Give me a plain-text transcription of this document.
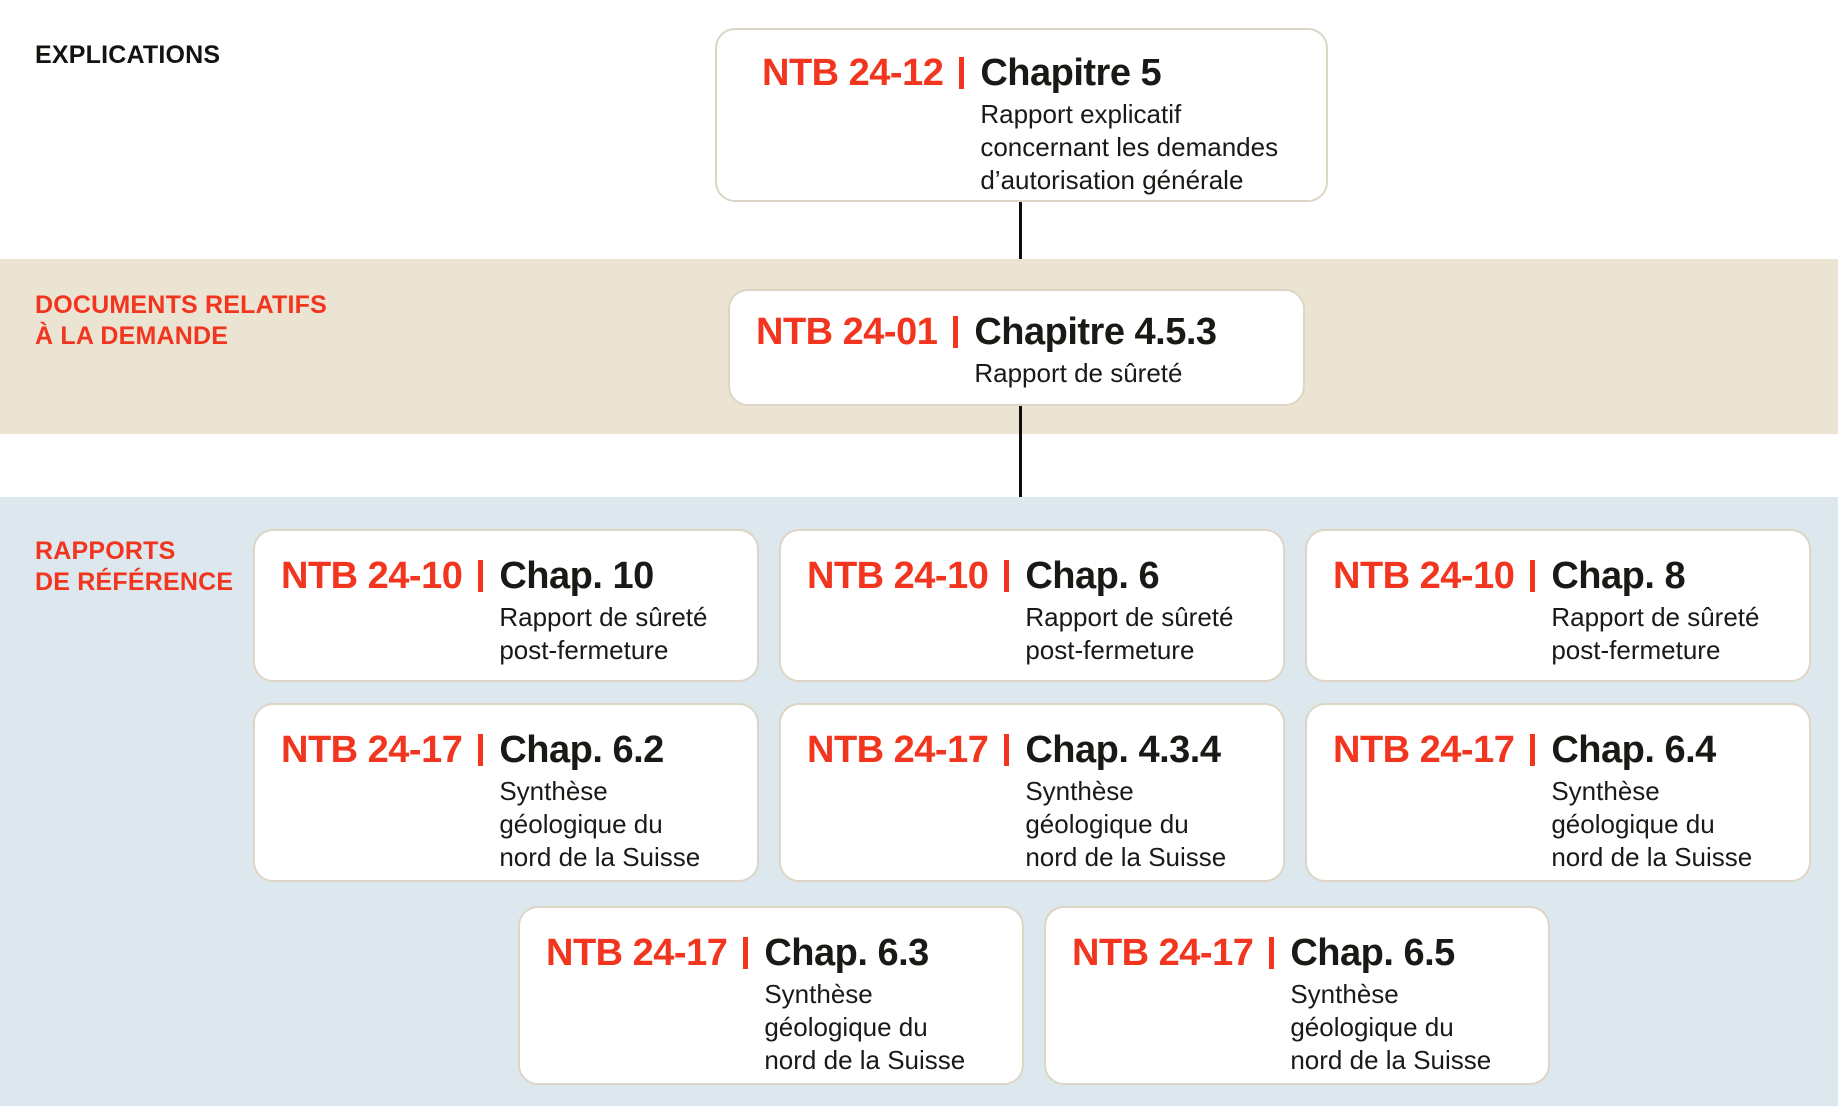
EXPLICATIONS
DOCUMENTS RELATIFS
À LA DEMANDE
RAPPORTS
DE RÉFÉRENCE
NTB 24-12 Chapitre 5
Rapport explicatif
concernant les demandes
d’autorisation générale
NTB 24-01 Chapitre 4.5.3
Rapport de sûreté
NTB 24-10 Chap. 10
Rapport de sûreté
post-fermeture
NTB 24-10 Chap. 6
Rapport de sûreté
post-fermeture
NTB 24-10 Chap. 8
Rapport de sûreté
post-fermeture
NTB 24-17 Chap. 6.2
Synthèse
géologique du
nord de la Suisse
NTB 24-17 Chap. 4.3.4
Synthèse
géologique du
nord de la Suisse
NTB 24-17 Chap. 6.4
Synthèse
géologique du
nord de la Suisse
NTB 24-17 Chap. 6.3
Synthèse
géologique du
nord de la Suisse
NTB 24-17 Chap. 6.5
Synthèse
géologique du
nord de la Suisse
